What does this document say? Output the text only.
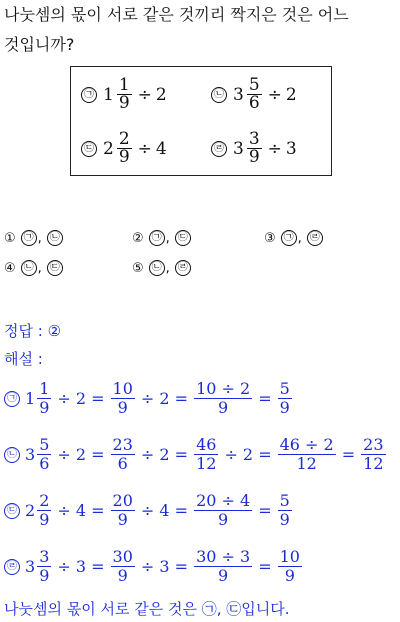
나눗셈의 몫이 서로 같은 것끼리 짝지은 것은 어느
것입니까?
㉠ $1 \frac{1}{9} \div 2$	㉡ $3 \frac{5}{6} \div 2$
㉢ $2 \frac{2}{9} \div 4$	㉣ $3 \frac{3}{9} \div 3$
① ㉠ , ㉡	② ㉠ , ㉢	③ ㉠ , ㉣
④ ㉡ , ㉢	⑤ ㉡ , ㉣
정답 : ②
해설 :
㉠ $1 \frac{1}{9} \div 2 = \frac{10}{9} \div 2 = \frac{10 \div 2}{9} = \frac{5}{9}$
㉡ $3 \frac{5}{6} \div 2 = \frac{23}{6} \div 2 = \frac{46}{12} \div 2 = \frac{46 \div 2}{12} = \frac{23}{12}$
㉢ $2 \frac{2}{9} \div 4 = \frac{20}{9} \div 4 = \frac{20 \div 4}{9} = \frac{5}{9}$
㉣ $3 \frac{3}{9} \div 3 = \frac{30}{9} \div 3 = \frac{30 \div 3}{9} = \frac{10}{9}$
나눗셈의 몫이 서로 같은 것은 ㉠, ㉢입니다.
